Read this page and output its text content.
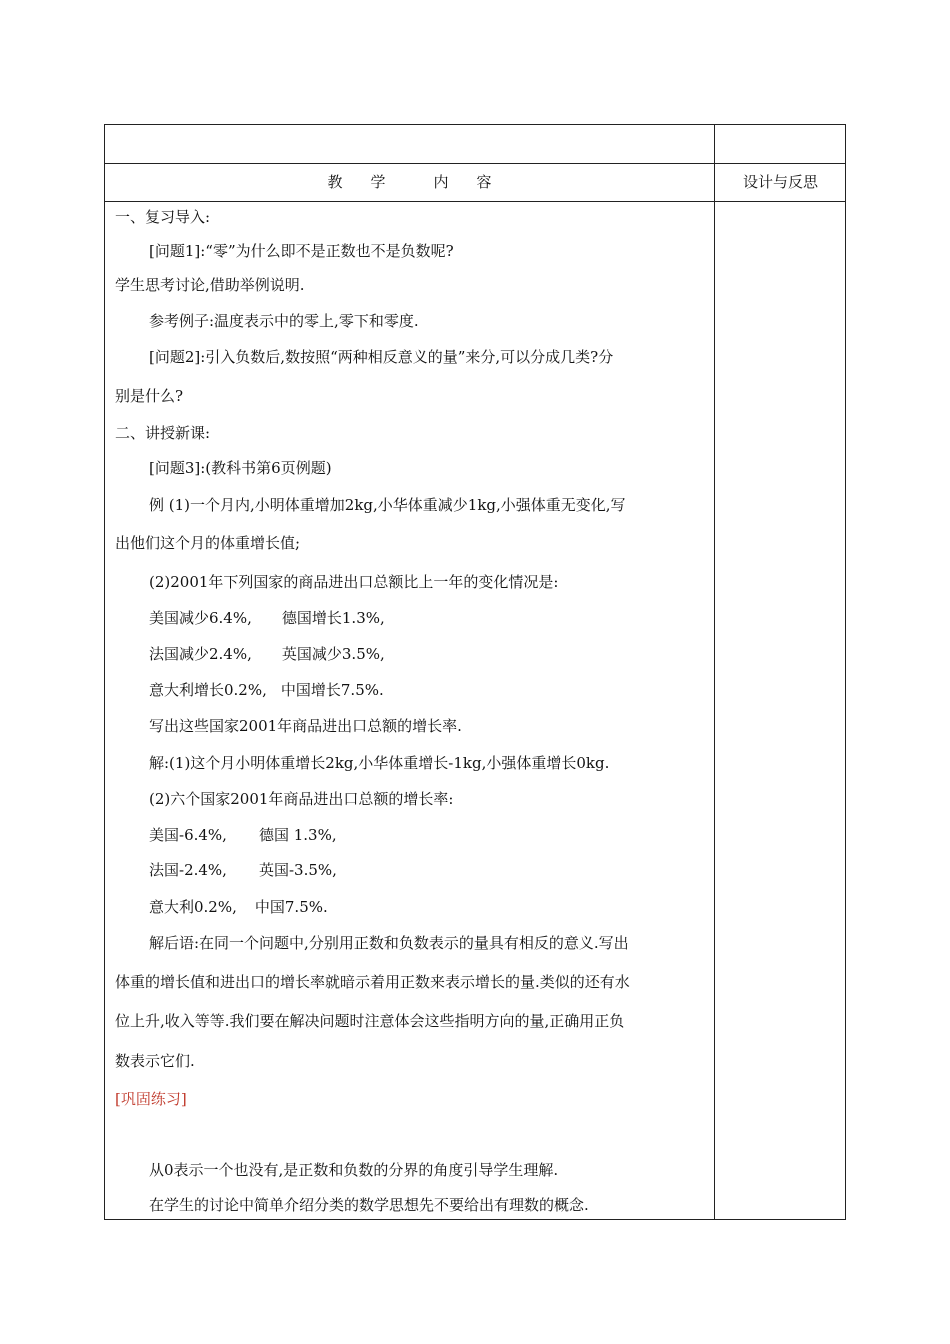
教 学	内 容	设计与反思
一、复习导入:
[问题1]:“零”为什么即不是正数也不是负数呢?
学生思考讨论,借助举例说明.
参考例子:温度表示中的零上,零下和零度.
[问题2]:引入负数后,数按照“两种相反意义的量”来分,可以分成几类?分
别是什么?
二、讲授新课:
[问题3]:(教科书第6页例题)
例 (1)一个月内,小明体重增加2kg,小华体重减少1kg,小强体重无变化,写
出他们这个月的体重增长值;
(2)2001年下列国家的商品进出口总额比上一年的变化情况是:
美国减少6.4%, 德国增长1.3%,
法国减少2.4%, 英国减少3.5%,
意大利增长0.2%, 中国增长7.5%.
写出这些国家2001年商品进出口总额的增长率.
解:(1)这个月小明体重增长2kg,小华体重增长-1kg,小强体重增长0kg.
(2)六个国家2001年商品进出口总额的增长率:
美国-6.4%, 德国 1.3%,
法国-2.4%, 英国-3.5%,
意大利0.2%, 中国7.5%.
解后语:在同一个问题中,分别用正数和负数表示的量具有相反的意义.写出
体重的增长值和进出口的增长率就暗示着用正数来表示增长的量.类似的还有水
位上升,收入等等.我们要在解决问题时注意体会这些指明方向的量,正确用正负
数表示它们.
[巩固练习]
从0表示一个也没有,是正数和负数的分界的角度引导学生理解.
在学生的讨论中简单介绍分类的数学思想先不要给出有理数的概念.
